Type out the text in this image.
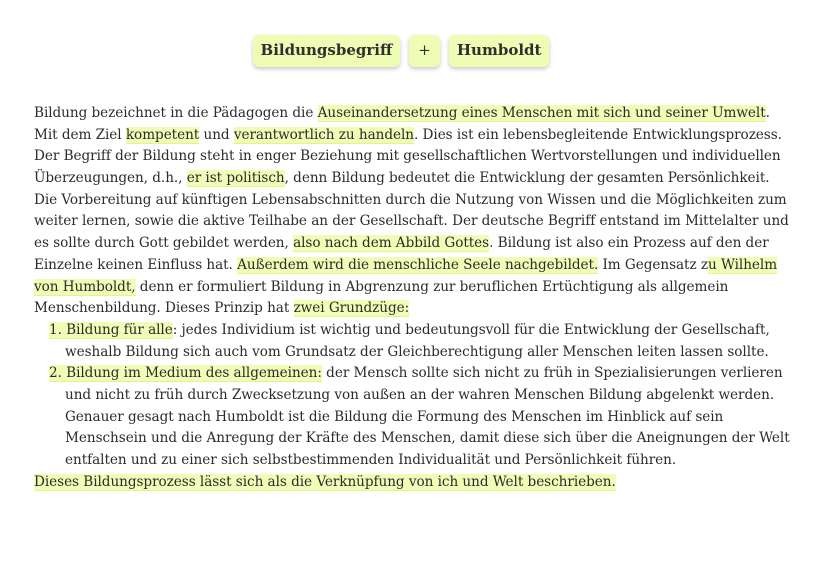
Bildungsbegriff	+	Humboldt
Bildung bezeichnet in die Pädagogen die Auseinandersetzung eines Menschen mit sich und seiner Umwelt.
Mit dem Ziel kompetent und verantwortlich zu handeln. Dies ist ein lebensbegleitende Entwicklungsprozess.
Der Begriff der Bildung steht in enger Beziehung mit gesellschaftlichen Wertvorstellungen und individuellen
Überzeugungen, d.h., er ist politisch, denn Bildung bedeutet die Entwicklung der gesamten Persönlichkeit.
Die Vorbereitung auf künftigen Lebensabschnitten durch die Nutzung von Wissen und die Möglichkeiten zum
weiter lernen, sowie die aktive Teilhabe an der Gesellschaft. Der deutsche Begriff entstand im Mittelalter und
es sollte durch Gott gebildet werden, also nach dem Abbild Gottes. Bildung ist also ein Prozess auf den der
Einzelne keinen Einfluss hat. Außerdem wird die menschliche Seele nachgebildet. Im Gegensatz zu Wilhelm
von Humboldt, denn er formuliert Bildung in Abgrenzung zur beruflichen Ertüchtigung als allgemein
Menschenbildung. Dieses Prinzip hat zwei Grundzüge:
1. Bildung für alle: jedes Individium ist wichtig und bedeutungsvoll für die Entwicklung der Gesellschaft,
weshalb Bildung sich auch vom Grundsatz der Gleichberechtigung aller Menschen leiten lassen sollte.
2. Bildung im Medium des allgemeinen: der Mensch sollte sich nicht zu früh in Spezialisierungen verlieren
und nicht zu früh durch Zwecksetzung von außen an der wahren Menschen Bildung abgelenkt werden.
Genauer gesagt nach Humboldt ist die Bildung die Formung des Menschen im Hinblick auf sein
Menschsein und die Anregung der Kräfte des Menschen, damit diese sich über die Aneignungen der Welt
entfalten und zu einer sich selbstbestimmenden Individualität und Persönlichkeit führen.
Dieses Bildungsprozess lässt sich als die Verknüpfung von ich und Welt beschrieben.
